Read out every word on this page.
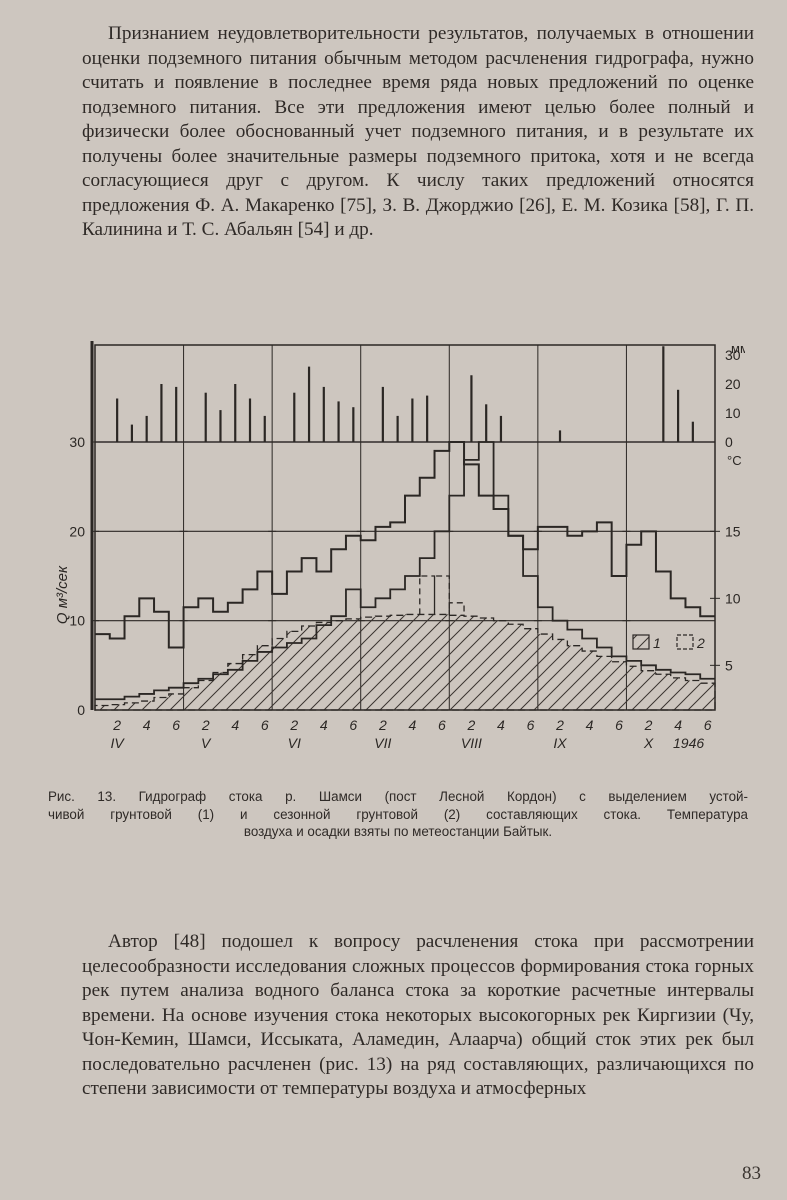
Признанием неудовлетворительности результатов, получаемых в отношении оценки подземного питания обычным методом расчленения гидрографа, нужно считать и появление в последнее время ряда новых предложений по оценке подземного питания. Все эти предложения имеют целью более полный и физически более обоснованный учет подземного питания, и в результате их получены более значительные размеры подземного притока, хотя и не всегда согласующиеся друг с другом. К числу таких предложений относятся предложения Ф. А. Макаренко [75], З. В. Джорджио [26], Е. М. Козика [58], Г. П. Калинина и Т. С. Абальян [54] и др.

0
10
20
30
Q м³/сек
мм
0
10
20
30
°С
5
10
15
2 4 6 2 4 6 2 4 6 2 4 6 2 4 6 2 4 6 2 4 6
IV	V	VI	VII	VIII	IX	X 1946
1	2
Рис. 13. Гидрограф стока р. Шамси (пост Лесной Кордон) с выделением устой-
чивой грунтовой (1) и сезонной грунтовой (2) составляющих стока. Температура
воздуха и осадки взяты по метеостанции Байтык.

Автор [48] подошел к вопросу расчленения стока при рассмотрении целесообразности исследования сложных процессов формирования стока горных рек путем анализа водного баланса стока за короткие расчетные интервалы времени. На основе изучения стока некоторых высокогорных рек Киргизии (Чу, Чон-Кемин, Шамси, Иссыката, Аламедин, Алаарча) общий сток этих рек был последовательно расчленен (рис. 13) на ряд составляющих, различающихся по степени зависимости от температуры воздуха и атмосферных

83
